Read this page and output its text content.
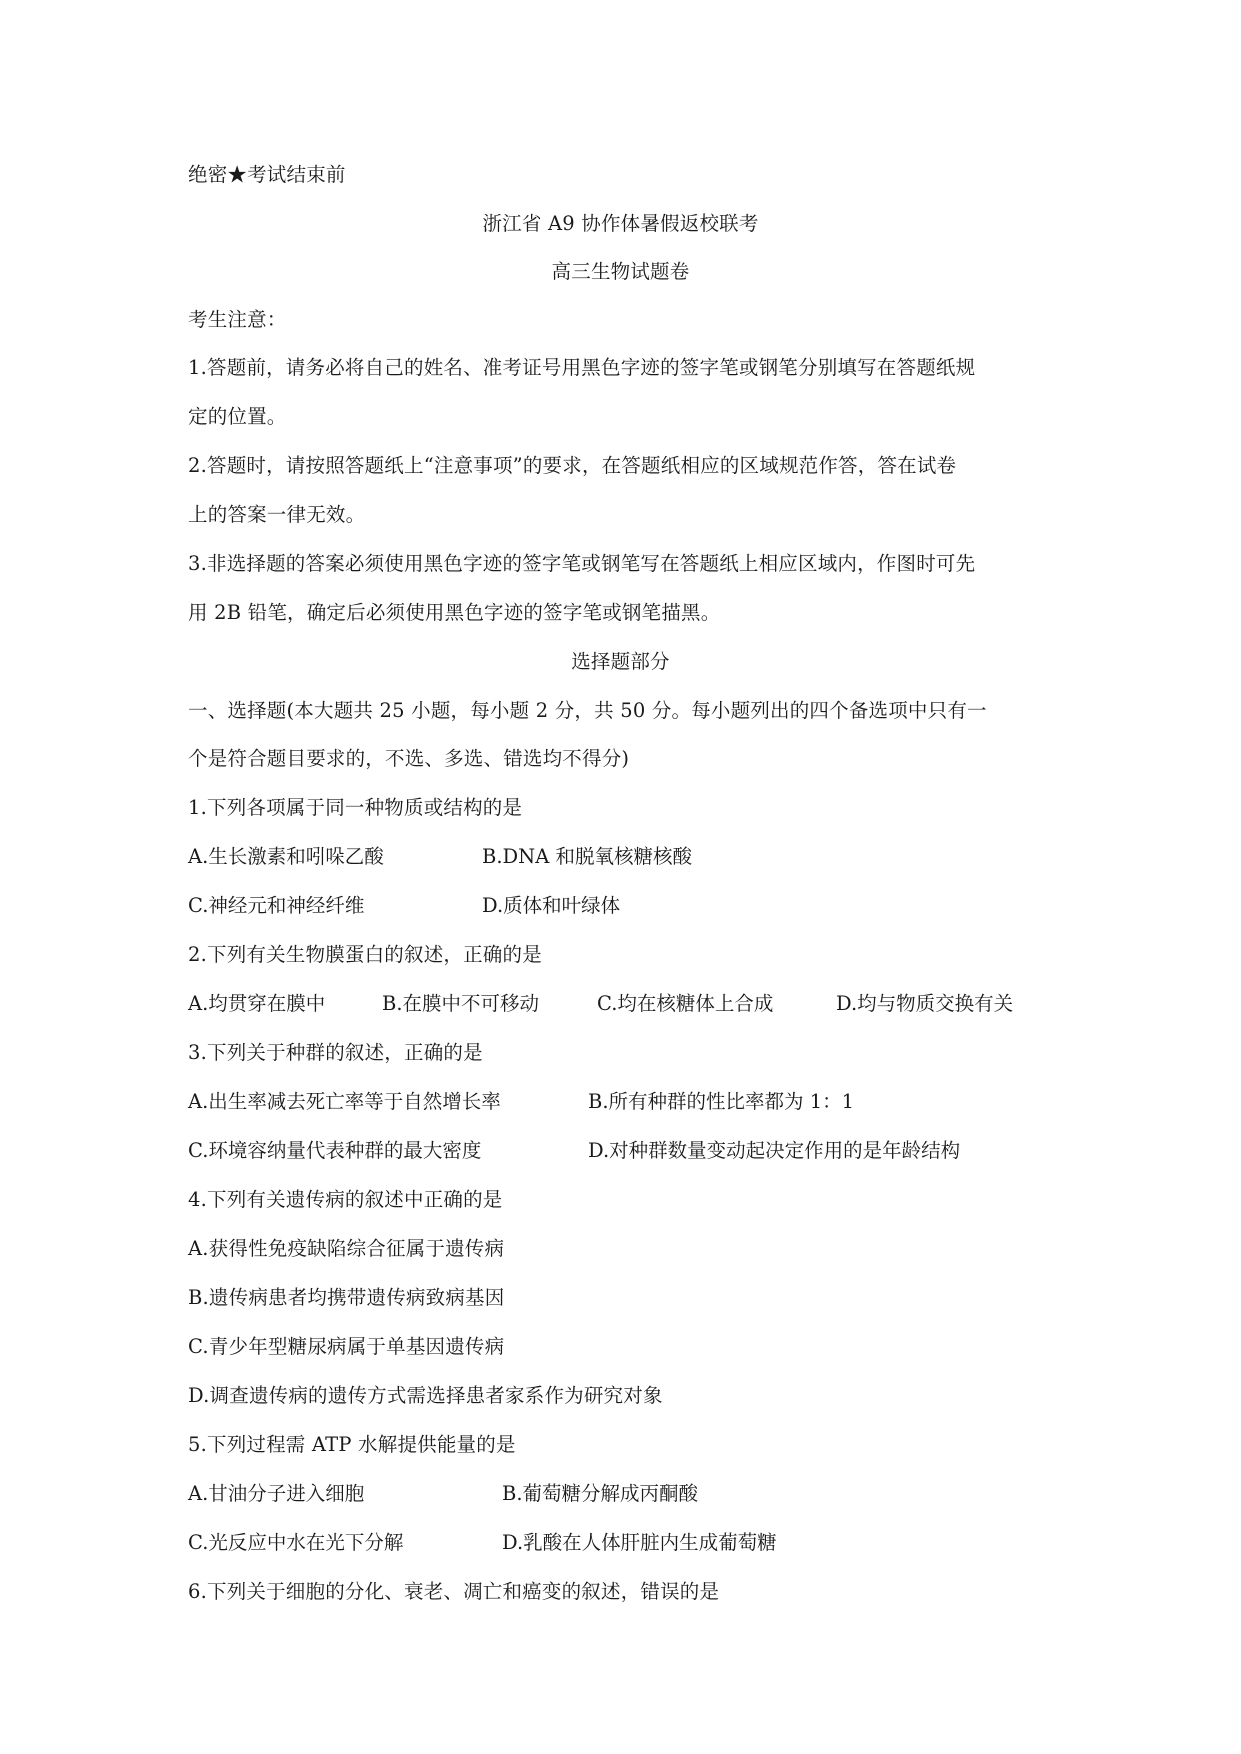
绝密★考试结束前
浙江省 A9 协作体暑假返校联考
高三生物试题卷
考生注意：
1.答题前，请务必将自己的姓名、准考证号用黑色字迹的签字笔或钢笔分别填写在答题纸规
定的位置。
2.答题时，请按照答题纸上“注意事项”的要求，在答题纸相应的区域规范作答，答在试卷
上的答案一律无效。
3.非选择题的答案必须使用黑色字迹的签字笔或钢笔写在答题纸上相应区域内，作图时可先
用 2B 铅笔，确定后必须使用黑色字迹的签字笔或钢笔描黑。
选择题部分
一、选择题(本大题共 25 小题，每小题 2 分，共 50 分。每小题列出的四个备选项中只有一
个是符合题目要求的，不选、多选、错选均不得分)
1.下列各项属于同一种物质或结构的是
A.生长激素和吲哚乙酸	B.DNA 和脱氧核糖核酸
C.神经元和神经纤维	D.质体和叶绿体
2.下列有关生物膜蛋白的叙述，正确的是
A.均贯穿在膜中	B.在膜中不可移动	C.均在核糖体上合成	D.均与物质交换有关
3.下列关于种群的叙述，正确的是
A.出生率减去死亡率等于自然增长率	B.所有种群的性比率都为 1：1
C.环境容纳量代表种群的最大密度	D.对种群数量变动起决定作用的是年龄结构
4.下列有关遗传病的叙述中正确的是
A.获得性免疫缺陷综合征属于遗传病
B.遗传病患者均携带遗传病致病基因
C.青少年型糖尿病属于单基因遗传病
D.调查遗传病的遗传方式需选择患者家系作为研究对象
5.下列过程需 ATP 水解提供能量的是
A.甘油分子进入细胞	B.葡萄糖分解成丙酮酸
C.光反应中水在光下分解	D.乳酸在人体肝脏内生成葡萄糖
6.下列关于细胞的分化、衰老、凋亡和癌变的叙述，错误的是
